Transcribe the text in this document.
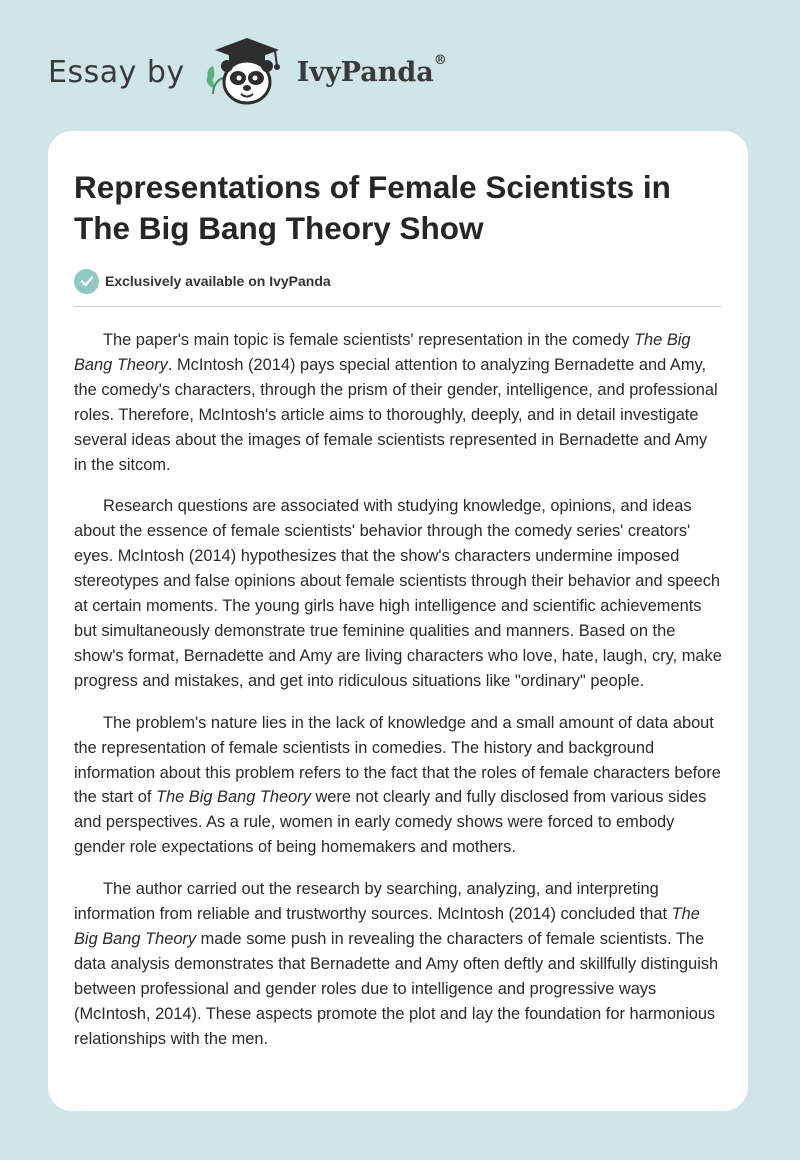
Essay by	IvyPanda®
Representations of Female Scientists in The Big Bang Theory Show
Exclusively available on IvyPanda

The paper's main topic is female scientists' representation in the comedy The Big Bang Theory. McIntosh (2014) pays special attention to analyzing Bernadette and Amy, the comedy's characters, through the prism of their gender, intelligence, and professional roles. Therefore, McIntosh's article aims to thoroughly, deeply, and in detail investigate several ideas about the images of female scientists represented in Bernadette and Amy in the sitcom.

Research questions are associated with studying knowledge, opinions, and ideas about the essence of female scientists' behavior through the comedy series' creators' eyes. McIntosh (2014) hypothesizes that the show's characters undermine imposed stereotypes and false opinions about female scientists through their behavior and speech at certain moments. The young girls have high intelligence and scientific achievements but simultaneously demonstrate true feminine qualities and manners. Based on the show's format, Bernadette and Amy are living characters who love, hate, laugh, cry, make progress and mistakes, and get into ridiculous situations like "ordinary" people.

The problem's nature lies in the lack of knowledge and a small amount of data about the representation of female scientists in comedies. The history and background information about this problem refers to the fact that the roles of female characters before the start of The Big Bang Theory were not clearly and fully disclosed from various sides and perspectives. As a rule, women in early comedy shows were forced to embody gender role expectations of being homemakers and mothers.

The author carried out the research by searching, analyzing, and interpreting information from reliable and trustworthy sources. McIntosh (2014) concluded that The Big Bang Theory made some push in revealing the characters of female scientists. The data analysis demonstrates that Bernadette and Amy often deftly and skillfully distinguish between professional and gender roles due to intelligence and progressive ways (McIntosh, 2014). These aspects promote the plot and lay the foundation for harmonious relationships with the men.
